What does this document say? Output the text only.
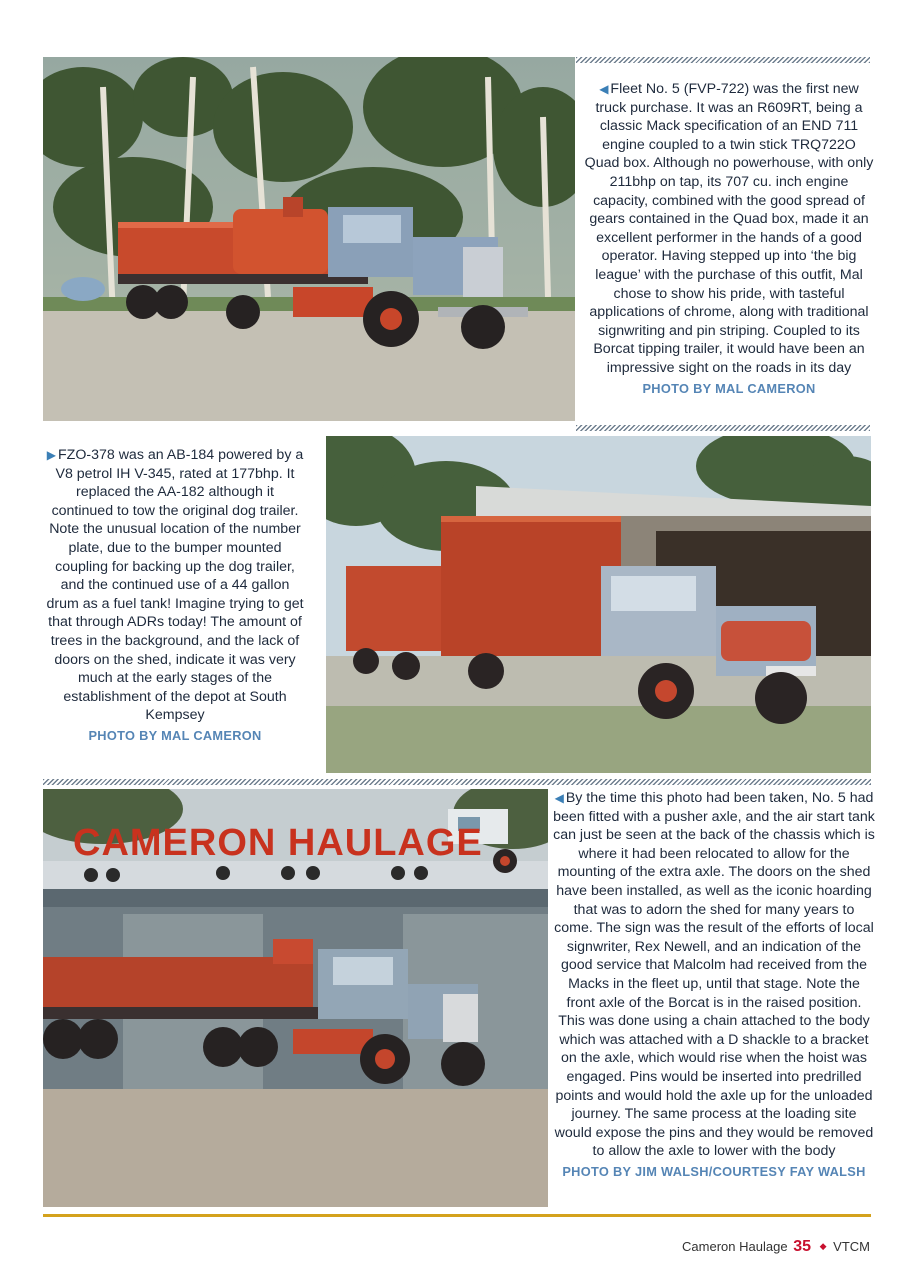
◀ Fleet No. 5 (FVP-722) was the first new truck purchase. It was an R609RT, being a classic Mack specification of an END 711 engine coupled to a twin stick TRQ722O Quad box. Although no powerhouse, with only 211bhp on tap, its 707 cu. inch engine capacity, combined with the good spread of gears contained in the Quad box, made it an excellent performer in the hands of a good operator. Having stepped up into ‘the big league’ with the purchase of this outfit, Mal chose to show his pride, with tasteful applications of chrome, along with traditional signwriting and pin striping. Coupled to its Borcat tipping trailer, it would have been an impressive sight on the roads in its day
PHOTO BY MAL CAMERON
▶ FZO-378 was an AB-184 powered by a V8 petrol IH V-345, rated at 177bhp. It replaced the AA-182 although it continued to tow the original dog trailer. Note the unusual location of the number plate, due to the bumper mounted coupling for backing up the dog trailer, and the continued use of a 44 gallon drum as a fuel tank! Imagine trying to get that through ADRs today! The amount of trees in the background, and the lack of doors on the shed, indicate it was very much at the early stages of the establishment of the depot at South Kempsey
PHOTO BY MAL CAMERON
CAMERON HAULAGE
◀ By the time this photo had been taken, No. 5 had been fitted with a pusher axle, and the air start tank can just be seen at the back of the chassis which is where it had been relocated to allow for the mounting of the extra axle. The doors on the shed have been installed, as well as the iconic hoarding that was to adorn the shed for many years to come. The sign was the result of the efforts of local signwriter, Rex Newell, and an indication of the good service that Malcolm had received from the Macks in the fleet up, until that stage. Note the front axle of the Borcat is in the raised position. This was done using a chain attached to the body which was attached with a D shackle to a bracket on the axle, which would rise when the hoist was engaged. Pins would be inserted into predrilled points and would hold the axle up for the unloaded journey. The same process at the loading site would expose the pins and they would be removed to allow the axle to lower with the body
PHOTO BY JIM WALSH/COURTESY FAY WALSH
Cameron Haulage 35 ◆ VTCM
